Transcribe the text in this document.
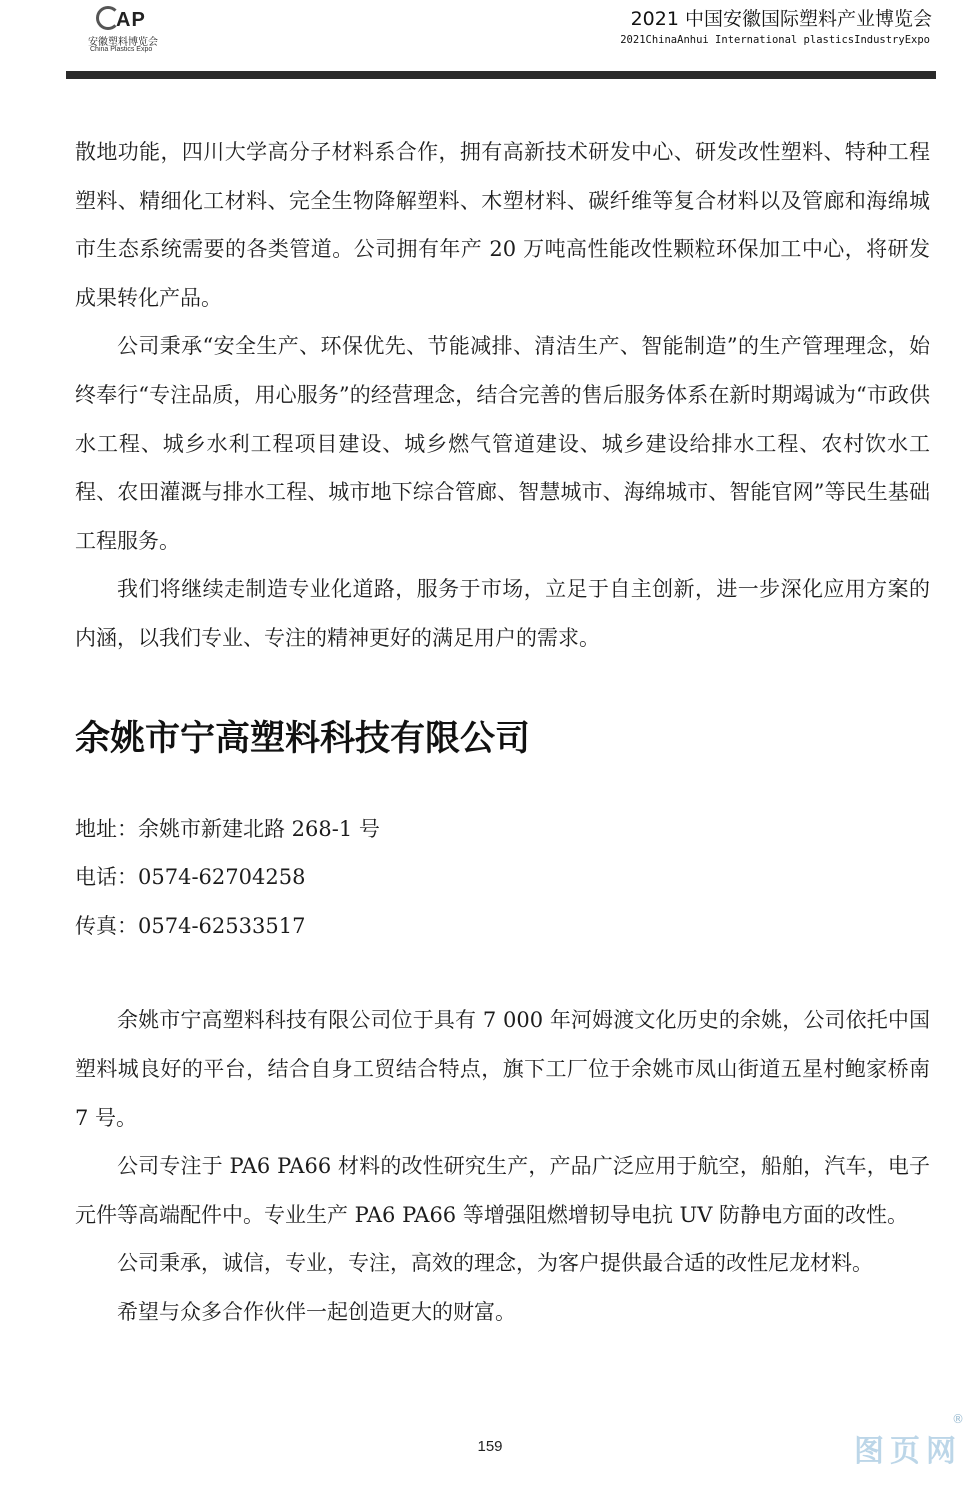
AP
安徽塑料博览会
China Plastics Expo
2021 中国安徽国际塑料产业博览会
2021ChinaAnhui International plasticsIndustryExpo

散地功能，四川大学高分子材料系合作，拥有高新技术研发中心、研发改性塑料、特种工程塑料、精细化工材料、完全生物降解塑料、木塑材料、碳纤维等复合材料以及管廊和海绵城市生态系统需要的各类管道。公司拥有年产 20 万吨高性能改性颗粒环保加工中心，将研发成果转化产品。

公司秉承“安全生产、环保优先、节能减排、清洁生产、智能制造”的生产管理理念，始终奉行“专注品质，用心服务”的经营理念，结合完善的售后服务体系在新时期竭诚为“市政供水工程、城乡水利工程项目建设、城乡燃气管道建设、城乡建设给排水工程、农村饮水工程、农田灌溉与排水工程、城市地下综合管廊、智慧城市、海绵城市、智能官网”等民生基础工程服务。

我们将继续走制造专业化道路，服务于市场，立足于自主创新，进一步深化应用方案的内涵，以我们专业、专注的精神更好的满足用户的需求。

余姚市宁高塑料科技有限公司
地址：余姚市新建北路 268-1 号
电话：0574-62704258
传真：0574-62533517

余姚市宁高塑料科技有限公司位于具有 7 000 年河姆渡文化历史的余姚，公司依托中国塑料城良好的平台，结合自身工贸结合特点，旗下工厂位于余姚市凤山街道五星村鲍家桥南 7 号。

公司专注于 PA6 PA66 材料的改性研究生产，产品广泛应用于航空，船舶，汽车，电子元件等高端配件中。专业生产 PA6 PA66 等增强阻燃增韧导电抗 UV 防静电方面的改性。

公司秉承，诚信，专业，专注，高效的理念，为客户提供最合适的改性尼龙材料。

希望与众多合作伙伴一起创造更大的财富。

159	图页网
®
